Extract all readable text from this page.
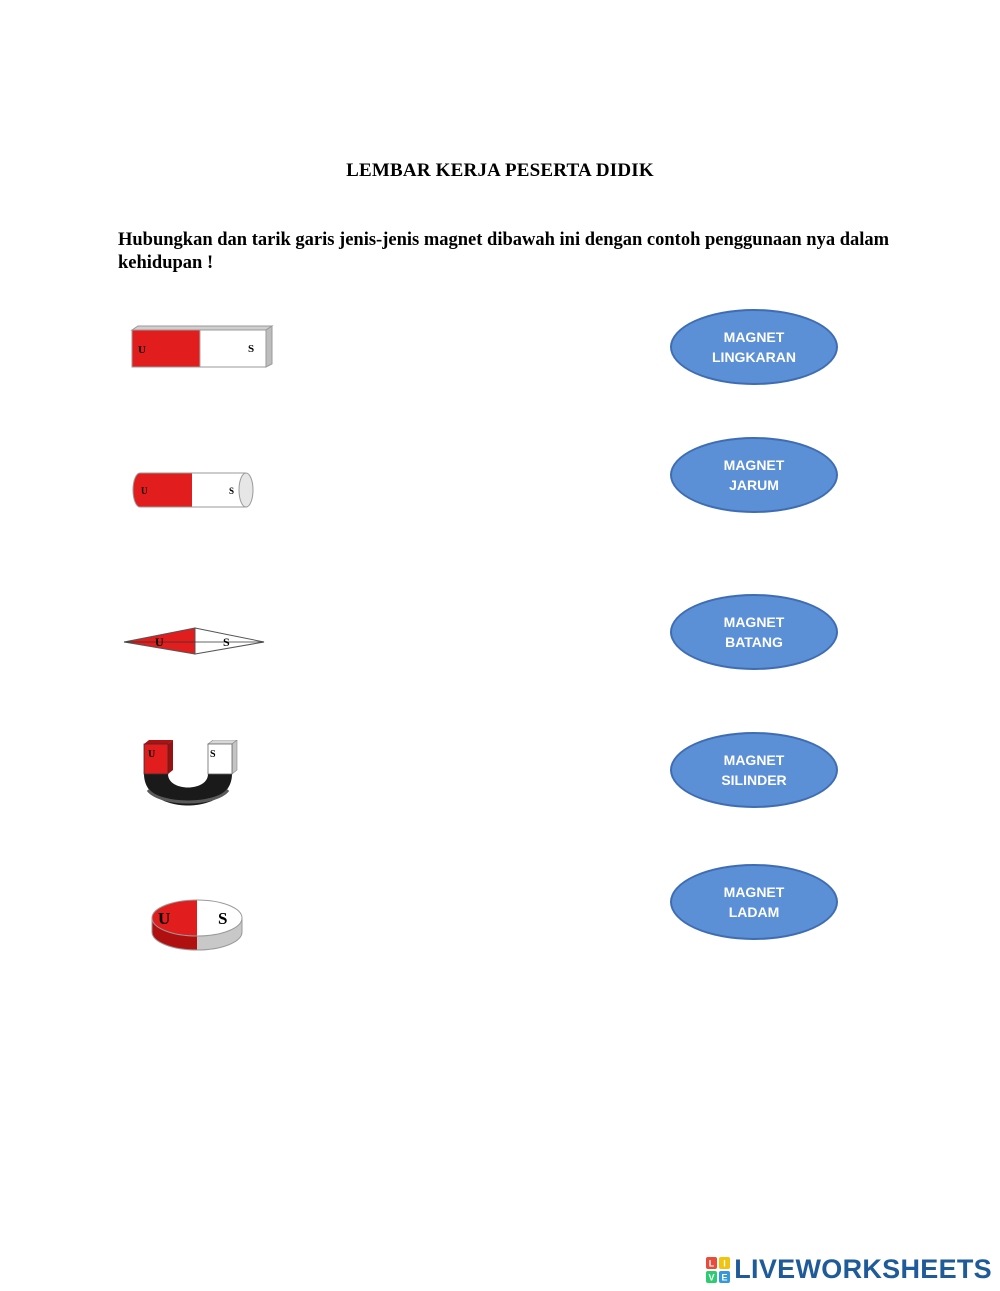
LEMBAR KERJA PESERTA DIDIK
Hubungkan dan tarik garis jenis-jenis magnet dibawah ini dengan contoh penggunaan nya dalam kehidupan !
U	S
U	S
U	S
U	S
U	S
MAGNET
LINGKARAN
MAGNET
JARUM
MAGNET
BATANG
MAGNET
SILINDER
MAGNET
LADAM
L I
V E LIVEWORKSHEETS
